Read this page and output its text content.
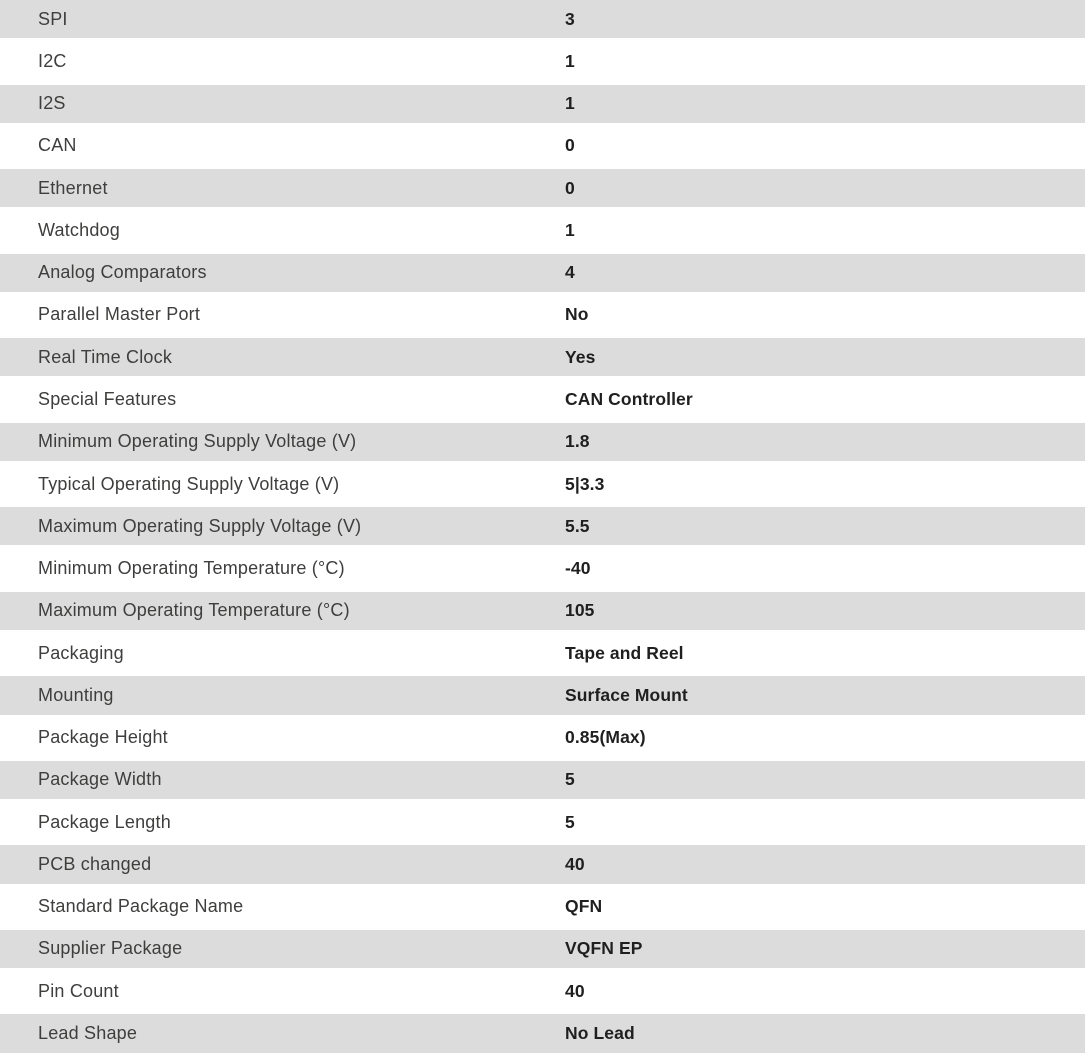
SPI	3
I2C	1
I2S	1
CAN	0
Ethernet	0
Watchdog	1
Analog Comparators	4
Parallel Master Port	No
Real Time Clock	Yes
Special Features	CAN Controller
Minimum Operating Supply Voltage (V)	1.8
Typical Operating Supply Voltage (V)	5|3.3
Maximum Operating Supply Voltage (V)	5.5
Minimum Operating Temperature (°C)	-40
Maximum Operating Temperature (°C)	105
Packaging	Tape and Reel
Mounting	Surface Mount
Package Height	0.85(Max)
Package Width	5
Package Length	5
PCB changed	40
Standard Package Name	QFN
Supplier Package	VQFN EP
Pin Count	40
Lead Shape	No Lead
